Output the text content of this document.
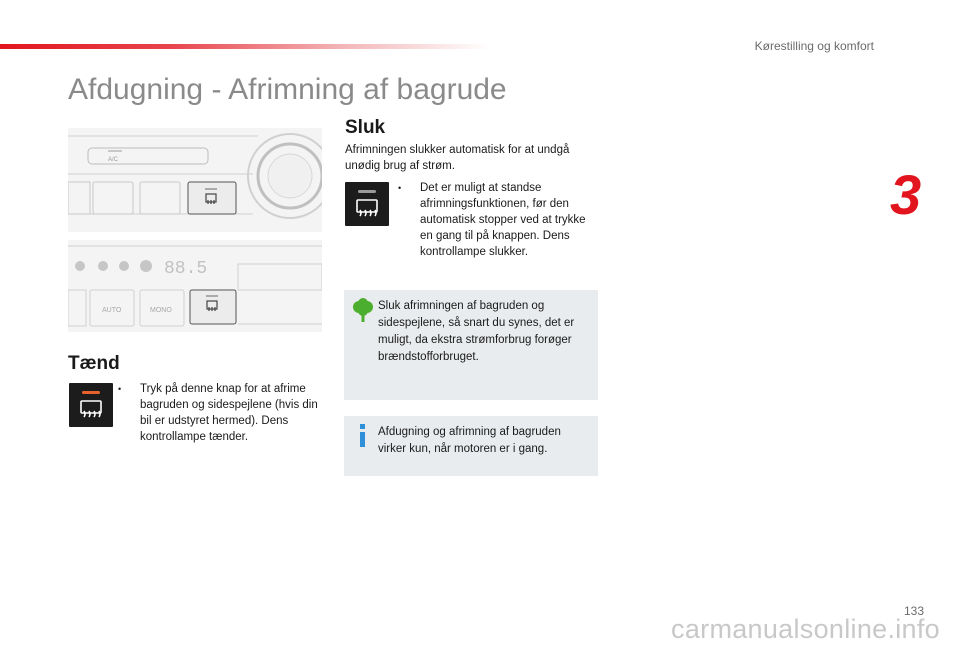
Kørestilling og komfort
3
Afdugning - Afrimning af bagrude
A/C
88.5
AUTO	MONO
Tænd
•	Tryk på denne knap for at afrime bagruden og sidespejlene (hvis din bil er udstyret hermed). Dens kontrollampe tænder.
Sluk
Afrimningen slukker automatisk for at undgå unødig brug af strøm.
•	Det er muligt at standse afrimningsfunktionen, før den automatisk stopper ved at trykke en gang til på knappen. Dens kontrollampe slukker.
Sluk afrimningen af bagruden og sidespejlene, så snart du synes, det er muligt, da ekstra strømforbrug forøger brændstofforbruget.
Afdugning og afrimning af bagruden virker kun, når motoren er i gang.
133
carmanualsonline.info
